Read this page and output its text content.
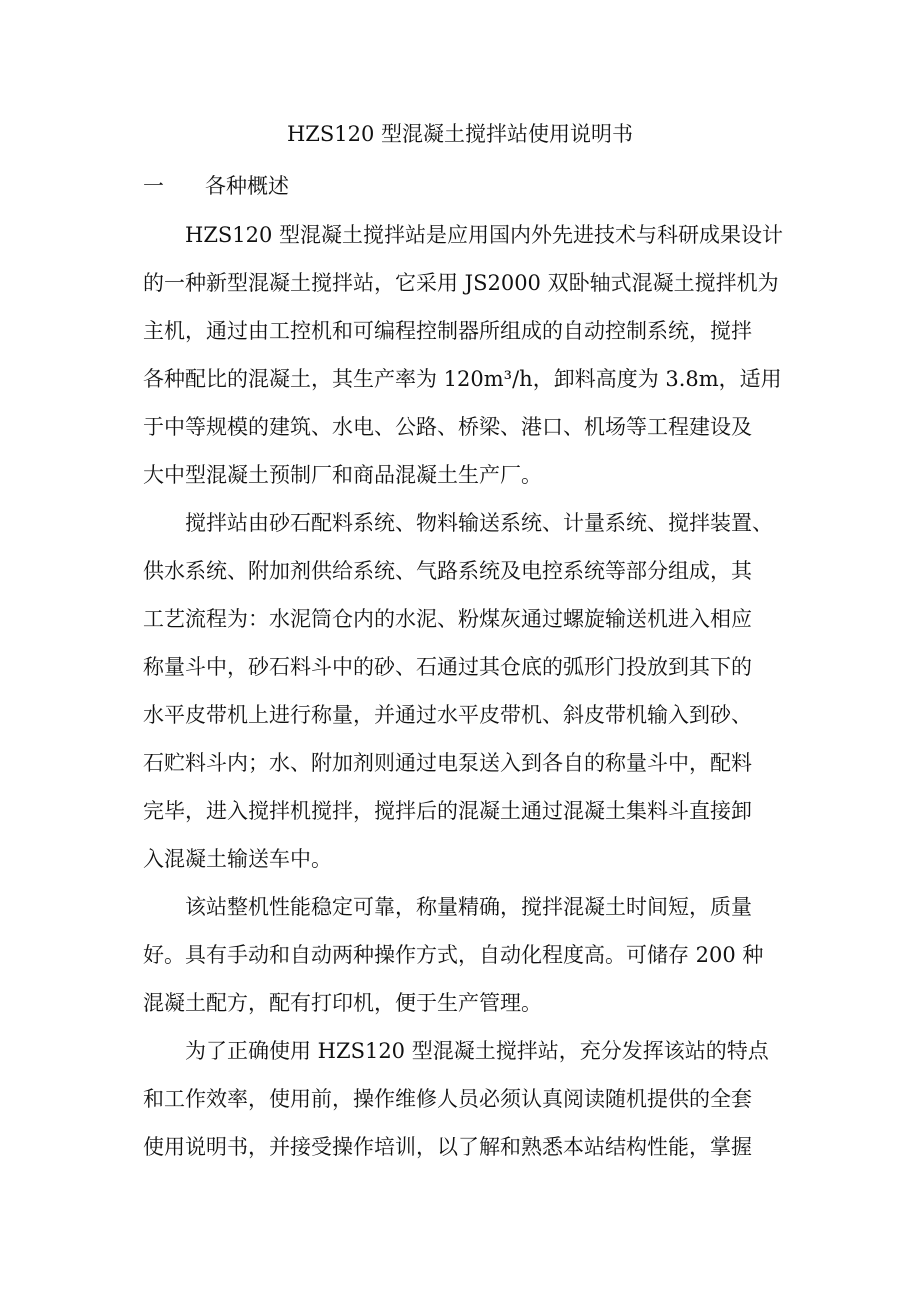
HZS120 型混凝土搅拌站使用说明书
一 各种概述
HZS120 型混凝土搅拌站是应用国内外先进技术与科研成果设计
的一种新型混凝土搅拌站，它采用 JS2000 双卧轴式混凝土搅拌机为
主机，通过由工控机和可编程控制器所组成的自动控制系统，搅拌
各种配比的混凝土，其生产率为 120m³/h，卸料高度为 3.8m，适用
于中等规模的建筑、水电、公路、桥梁、港口、机场等工程建设及
大中型混凝土预制厂和商品混凝土生产厂。
搅拌站由砂石配料系统、物料输送系统、计量系统、搅拌装置、
供水系统、附加剂供给系统、气路系统及电控系统等部分组成，其
工艺流程为：水泥筒仓内的水泥、粉煤灰通过螺旋输送机进入相应
称量斗中，砂石料斗中的砂、石通过其仓底的弧形门投放到其下的
水平皮带机上进行称量，并通过水平皮带机、斜皮带机输入到砂、
石贮料斗内；水、附加剂则通过电泵送入到各自的称量斗中，配料
完毕，进入搅拌机搅拌，搅拌后的混凝土通过混凝土集料斗直接卸
入混凝土输送车中。
该站整机性能稳定可靠，称量精确，搅拌混凝土时间短，质量
好。具有手动和自动两种操作方式，自动化程度高。可储存 200 种
混凝土配方，配有打印机，便于生产管理。
为了正确使用 HZS120 型混凝土搅拌站，充分发挥该站的特点
和工作效率，使用前，操作维修人员必须认真阅读随机提供的全套
使用说明书，并接受操作培训，以了解和熟悉本站结构性能，掌握
